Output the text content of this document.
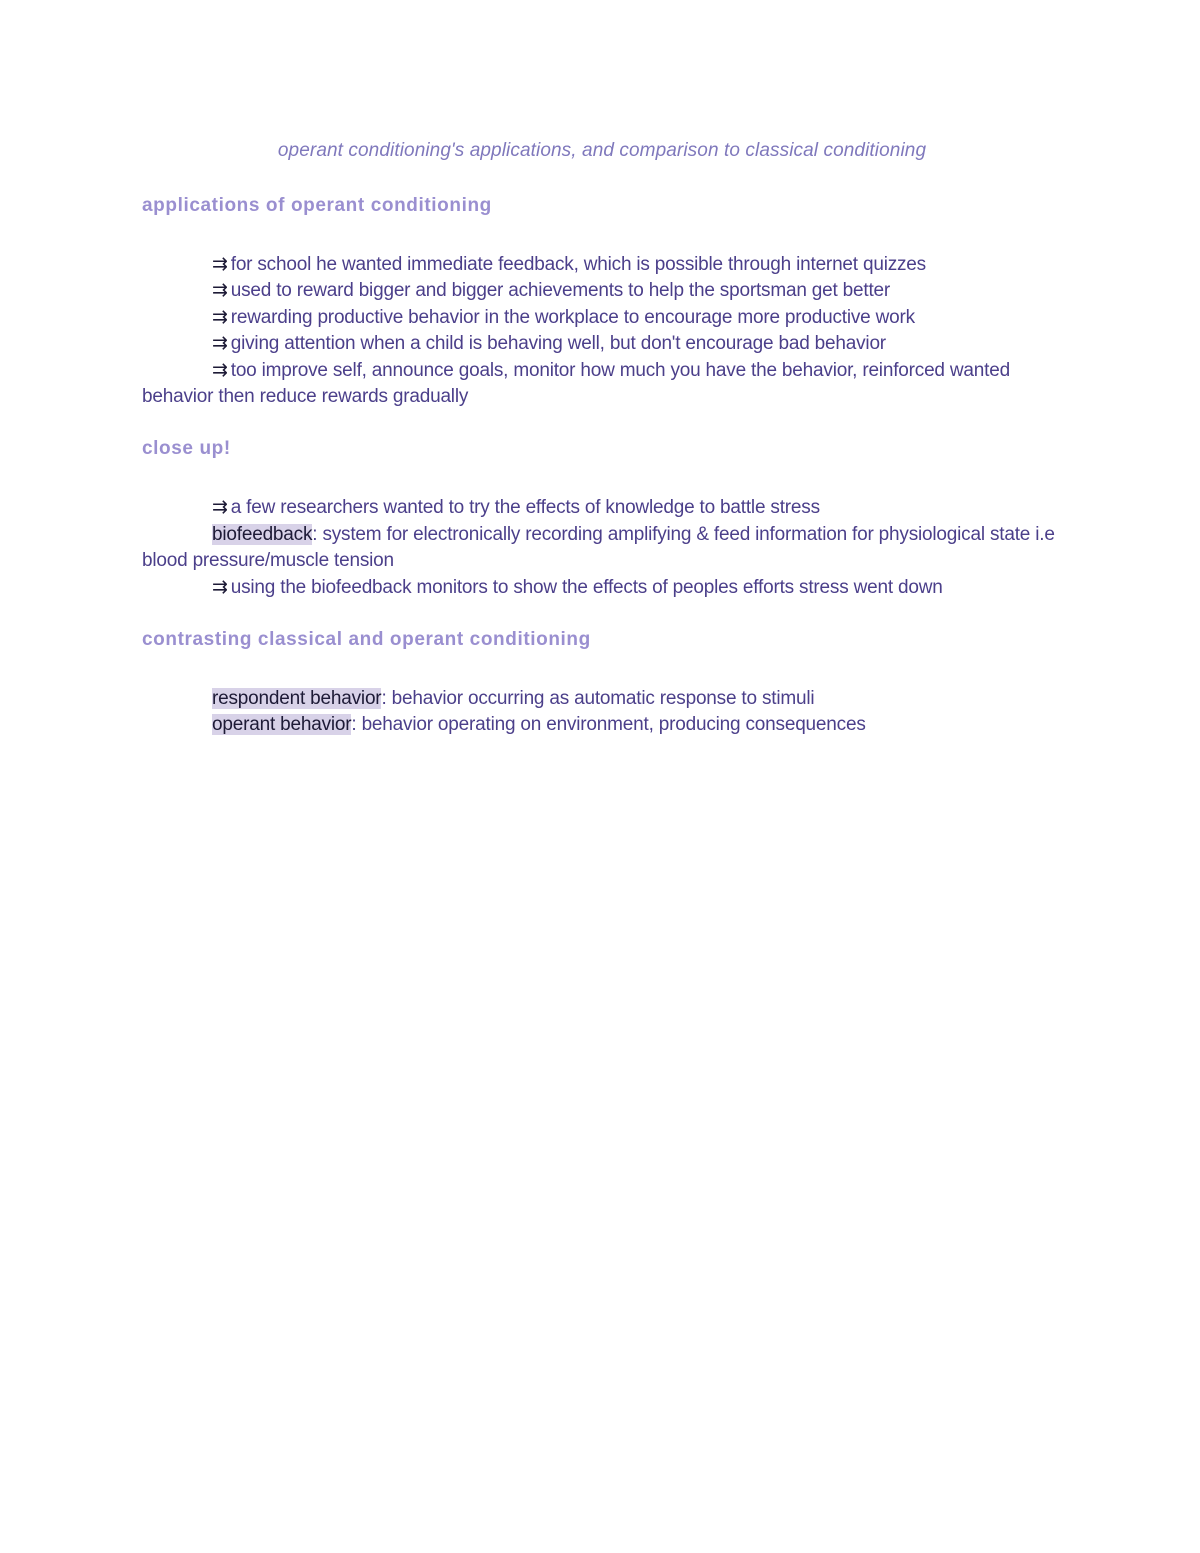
operant conditioning's applications, and comparison to classical conditioning
applications of operant conditioning

⇉ for school he wanted immediate feedback, which is possible through internet quizzes

⇉ used to reward bigger and bigger achievements to help the sportsman get better

⇉ rewarding productive behavior in the workplace to encourage more productive work

⇉ giving attention when a child is behaving well, but don't encourage bad behavior

⇉ too improve self, announce goals, monitor how much you have the behavior, reinforced wanted behavior then reduce rewards gradually

close up!

⇉ a few researchers wanted to try the effects of knowledge to battle stress

biofeedback: system for electronically recording amplifying & feed information for physiological state i.e blood pressure/muscle tension

⇉ using the biofeedback monitors to show the effects of peoples efforts stress went down

contrasting classical and operant conditioning

respondent behavior: behavior occurring as automatic response to stimuli

operant behavior: behavior operating on environment, producing consequences
